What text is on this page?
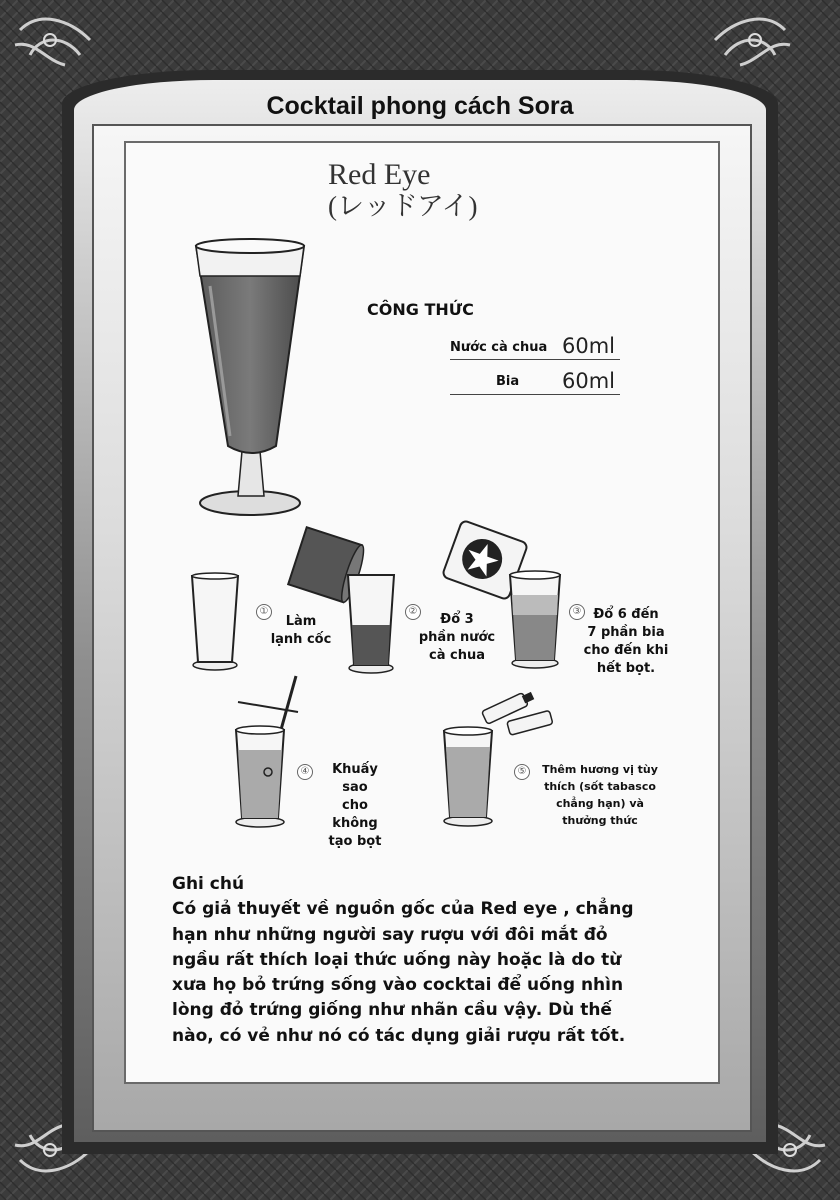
Cocktail phong cách Sora
Red Eye
(レッドアイ)
CÔNG THỨC
Nước cà chua 60ml
Bia 60ml
①
Làm
lạnh cốc
②
Đổ 3
phần nước
cà chua
③ Đổ 6 đến
7 phần bia
cho đến khi
hết bọt.
④	Khuấy sao
cho không
tạo bọt
⑤	Thêm hương vị tùy
thích (sốt tabasco
chẳng hạn) và
thưởng thức
Ghi chú
Có giả thuyết về nguồn gốc của Red eye , chẳng
hạn như những người say rượu với đôi mắt đỏ
ngầu rất thích loại thức uống này hoặc là do từ
xưa họ bỏ trứng sống vào cocktai để uống nhìn
lòng đỏ trứng giống như nhãn cầu vậy. Dù thế
nào, có vẻ như nó có tác dụng giải rượu rất tốt.
